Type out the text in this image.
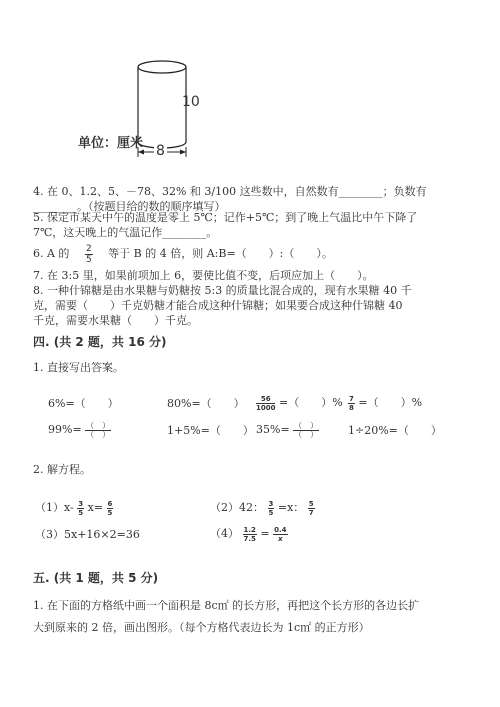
10
8
单位：厘米
4. 在 0、1.2、5、－78、32% 和 3/100 这些数中，自然数有________；负数有
________。（按题目给的数的顺序填写）
5. 保定市某天中午的温度是零上 5℃；记作+5℃；到了晚上气温比中午下降了
7℃，这天晚上的气温记作________。
6. A 的 $\frac{2}{5}$ 等于 B 的 4 倍，则 A:B=（　　）:（　　）。
7. 在 3:5 里，如果前项加上 6，要使比值不变，后项应加上（　　）。
8. 一种什锦糖是由水果糖与奶糖按 5:3 的质量比混合成的，现有水果糖 40 千
克，需要（　　）千克奶糖才能合成这种什锦糖；如果要合成这种什锦糖 40
千克，需要水果糖（　　）千克。
四. (共 2 题，共 16 分)
1. 直接写出答案。
6%=（　　）	80%=（　　） $\frac{56}{1000}$ =（　　）% $\frac{7}{8}$ =（　　）%
$99\%= \frac{( )}{( )}$	1+5%=（　　） $35\%= \frac{( )}{( )}$	1÷20%=（　　）
2. 解方程。
$(1)x- \frac{3}{5} x= \frac{6}{5}$	（2）42： $\frac{3}{5} =x$： $\frac{5}{7}$
（3）5x+16×2=36	$(4) \frac{1.2}{7.5} = \frac{0.4}{x}$
五. (共 1 题，共 5 分)
1. 在下面的方格纸中画一个面积是 8c㎡ 的长方形，再把这个长方形的各边长扩
大到原来的 2 倍，画出图形。（每个方格代表边长为 1c㎡ 的正方形）
